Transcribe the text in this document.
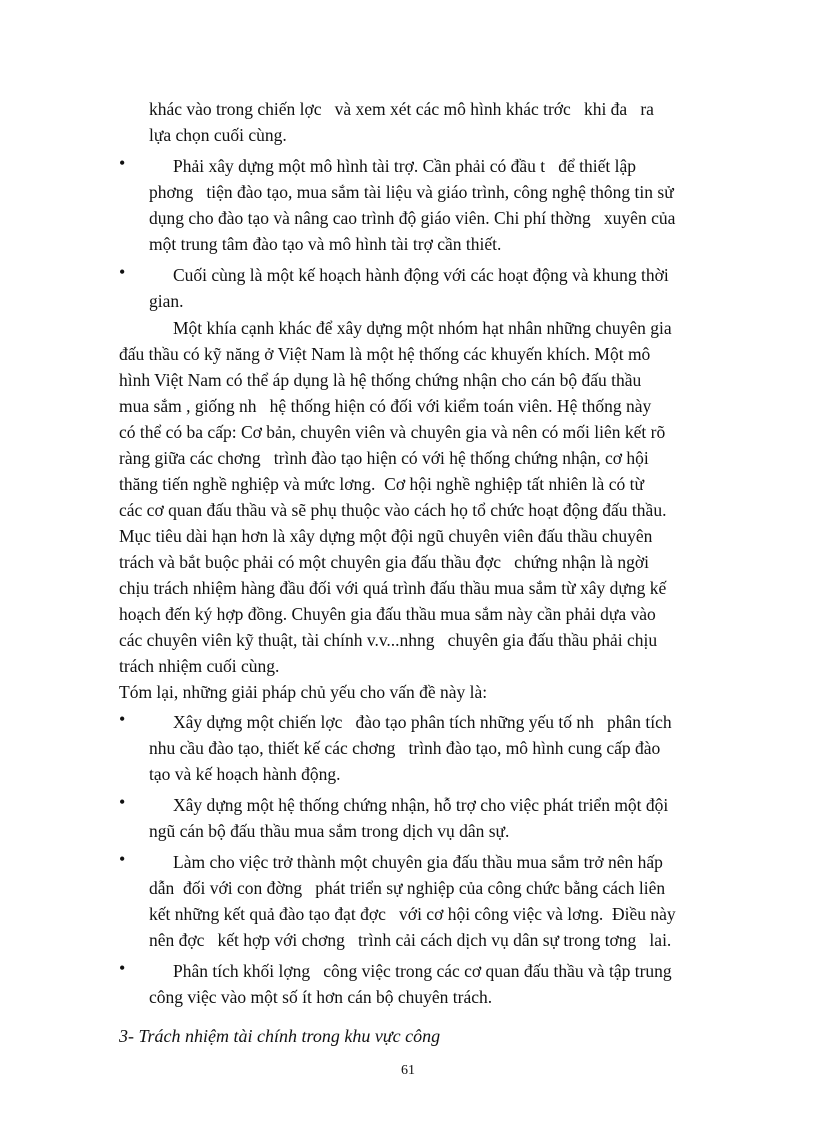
khác vào trong chiến lợc   và xem xét các mô hình khác trớc   khi đa   ra
lựa chọn cuối cùng.
•	Phải xây dựng một mô hình tài trợ. Cần phải có đầu t   để thiết lập
phơng   tiện đào tạo, mua sắm tài liệu và giáo trình, công nghệ thông tin sử
dụng cho đào tạo và nâng cao trình độ giáo viên. Chi phí thờng   xuyên của
một trung tâm đào tạo và mô hình tài trợ cần thiết.
•	Cuối cùng là một kế hoạch hành động với các hoạt động và khung thời
gian.
Một khía cạnh khác để xây dựng một nhóm hạt nhân những chuyên gia
đấu thầu có kỹ năng ở Việt Nam là một hệ thống các khuyến khích. Một mô
hình Việt Nam có thể áp dụng là hệ thống chứng nhận cho cán bộ đấu thầu
mua sắm , giống nh   hệ thống hiện có đối với kiểm toán viên. Hệ thống này
có thể có ba cấp: Cơ bản, chuyên viên và chuyên gia và nên có mối liên kết rõ
ràng giữa các chơng   trình đào tạo hiện có với hệ thống chứng nhận, cơ hội
thăng tiến nghề nghiệp và mức lơng.  Cơ hội nghề nghiệp tất nhiên là có từ
các cơ quan đấu thầu và sẽ phụ thuộc vào cách họ tổ chức hoạt động đấu thầu.
Mục tiêu dài hạn hơn là xây dựng một đội ngũ chuyên viên đấu thầu chuyên
trách và bắt buộc phải có một chuyên gia đấu thầu đợc   chứng nhận là ngời
chịu trách nhiệm hàng đầu đối với quá trình đấu thầu mua sắm từ xây dựng kế
hoạch đến ký hợp đồng. Chuyên gia đấu thầu mua sắm này cần phải dựa vào
các chuyên viên kỹ thuật, tài chính v.v...nhng   chuyên gia đấu thầu phải chịu
trách nhiệm cuối cùng.
Tóm lại, những giải pháp chủ yếu cho vấn đề này là:
•	Xây dựng một chiến lợc   đào tạo phân tích những yếu tố nh   phân tích
nhu cầu đào tạo, thiết kế các chơng   trình đào tạo, mô hình cung cấp đào
tạo và kế hoạch hành động.
•	Xây dựng một hệ thống chứng nhận, hỗ trợ cho việc phát triển một đội
ngũ cán bộ đấu thầu mua sắm trong dịch vụ dân sự.
•	Làm cho việc trở thành một chuyên gia đấu thầu mua sắm trở nên hấp
dẫn  đối với con đờng   phát triển sự nghiệp của công chức bằng cách liên
kết những kết quả đào tạo đạt đợc   với cơ hội công việc và lơng.  Điều này
nên đợc   kết hợp với chơng   trình cải cách dịch vụ dân sự trong tơng   lai.
•	Phân tích khối lợng   công việc trong các cơ quan đấu thầu và tập trung
công việc vào một số ít hơn cán bộ chuyên trách.
3- Trách nhiệm tài chính trong khu vực công
61
